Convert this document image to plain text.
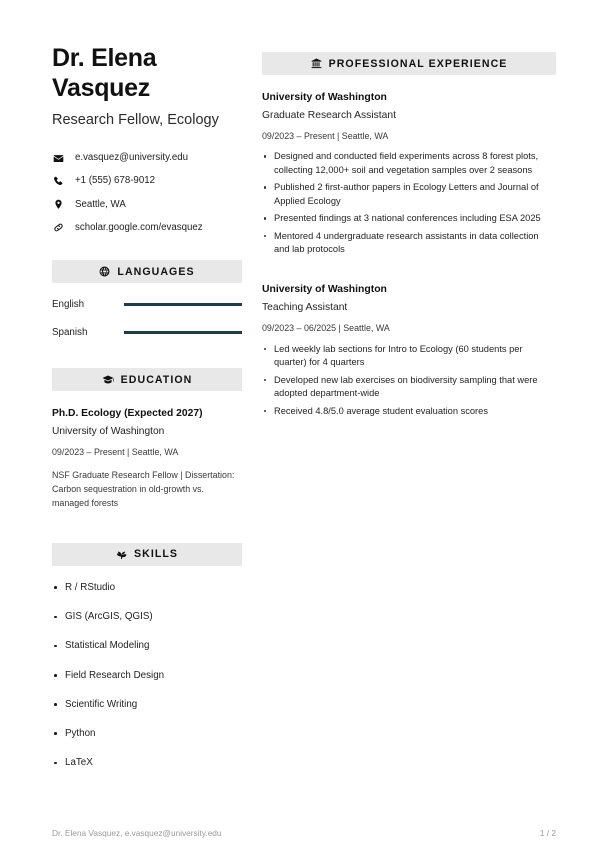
Dr. Elena Vasquez
Research Fellow, Ecology
e.vasquez@university.edu
+1 (555) 678-9012
Seattle, WA
scholar.google.com/evasquez
LANGUAGES
English
Spanish
EDUCATION
Ph.D. Ecology (Expected 2027)
University of Washington
09/2023 – Present | Seattle, WA
NSF Graduate Research Fellow | Dissertation: Carbon sequestration in old-growth vs. managed forests
SKILLS
R / RStudio
GIS (ArcGIS, QGIS)
Statistical Modeling
Field Research Design
Scientific Writing
Python
LaTeX
PROFESSIONAL EXPERIENCE
University of Washington
Graduate Research Assistant
09/2023 – Present | Seattle, WA
Designed and conducted field experiments across 8 forest plots, collecting 12,000+ soil and vegetation samples over 2 seasons
Published 2 first-author papers in Ecology Letters and Journal of Applied Ecology
Presented findings at 3 national conferences including ESA 2025
Mentored 4 undergraduate research assistants in data collection and lab protocols
University of Washington
Teaching Assistant
09/2023 – 06/2025 | Seattle, WA
Led weekly lab sections for Intro to Ecology (60 students per quarter) for 4 quarters
Developed new lab exercises on biodiversity sampling that were adopted department-wide
Received 4.8/5.0 average student evaluation scores
Dr. Elena Vasquez, e.vasquez@university.edu	1 / 2
